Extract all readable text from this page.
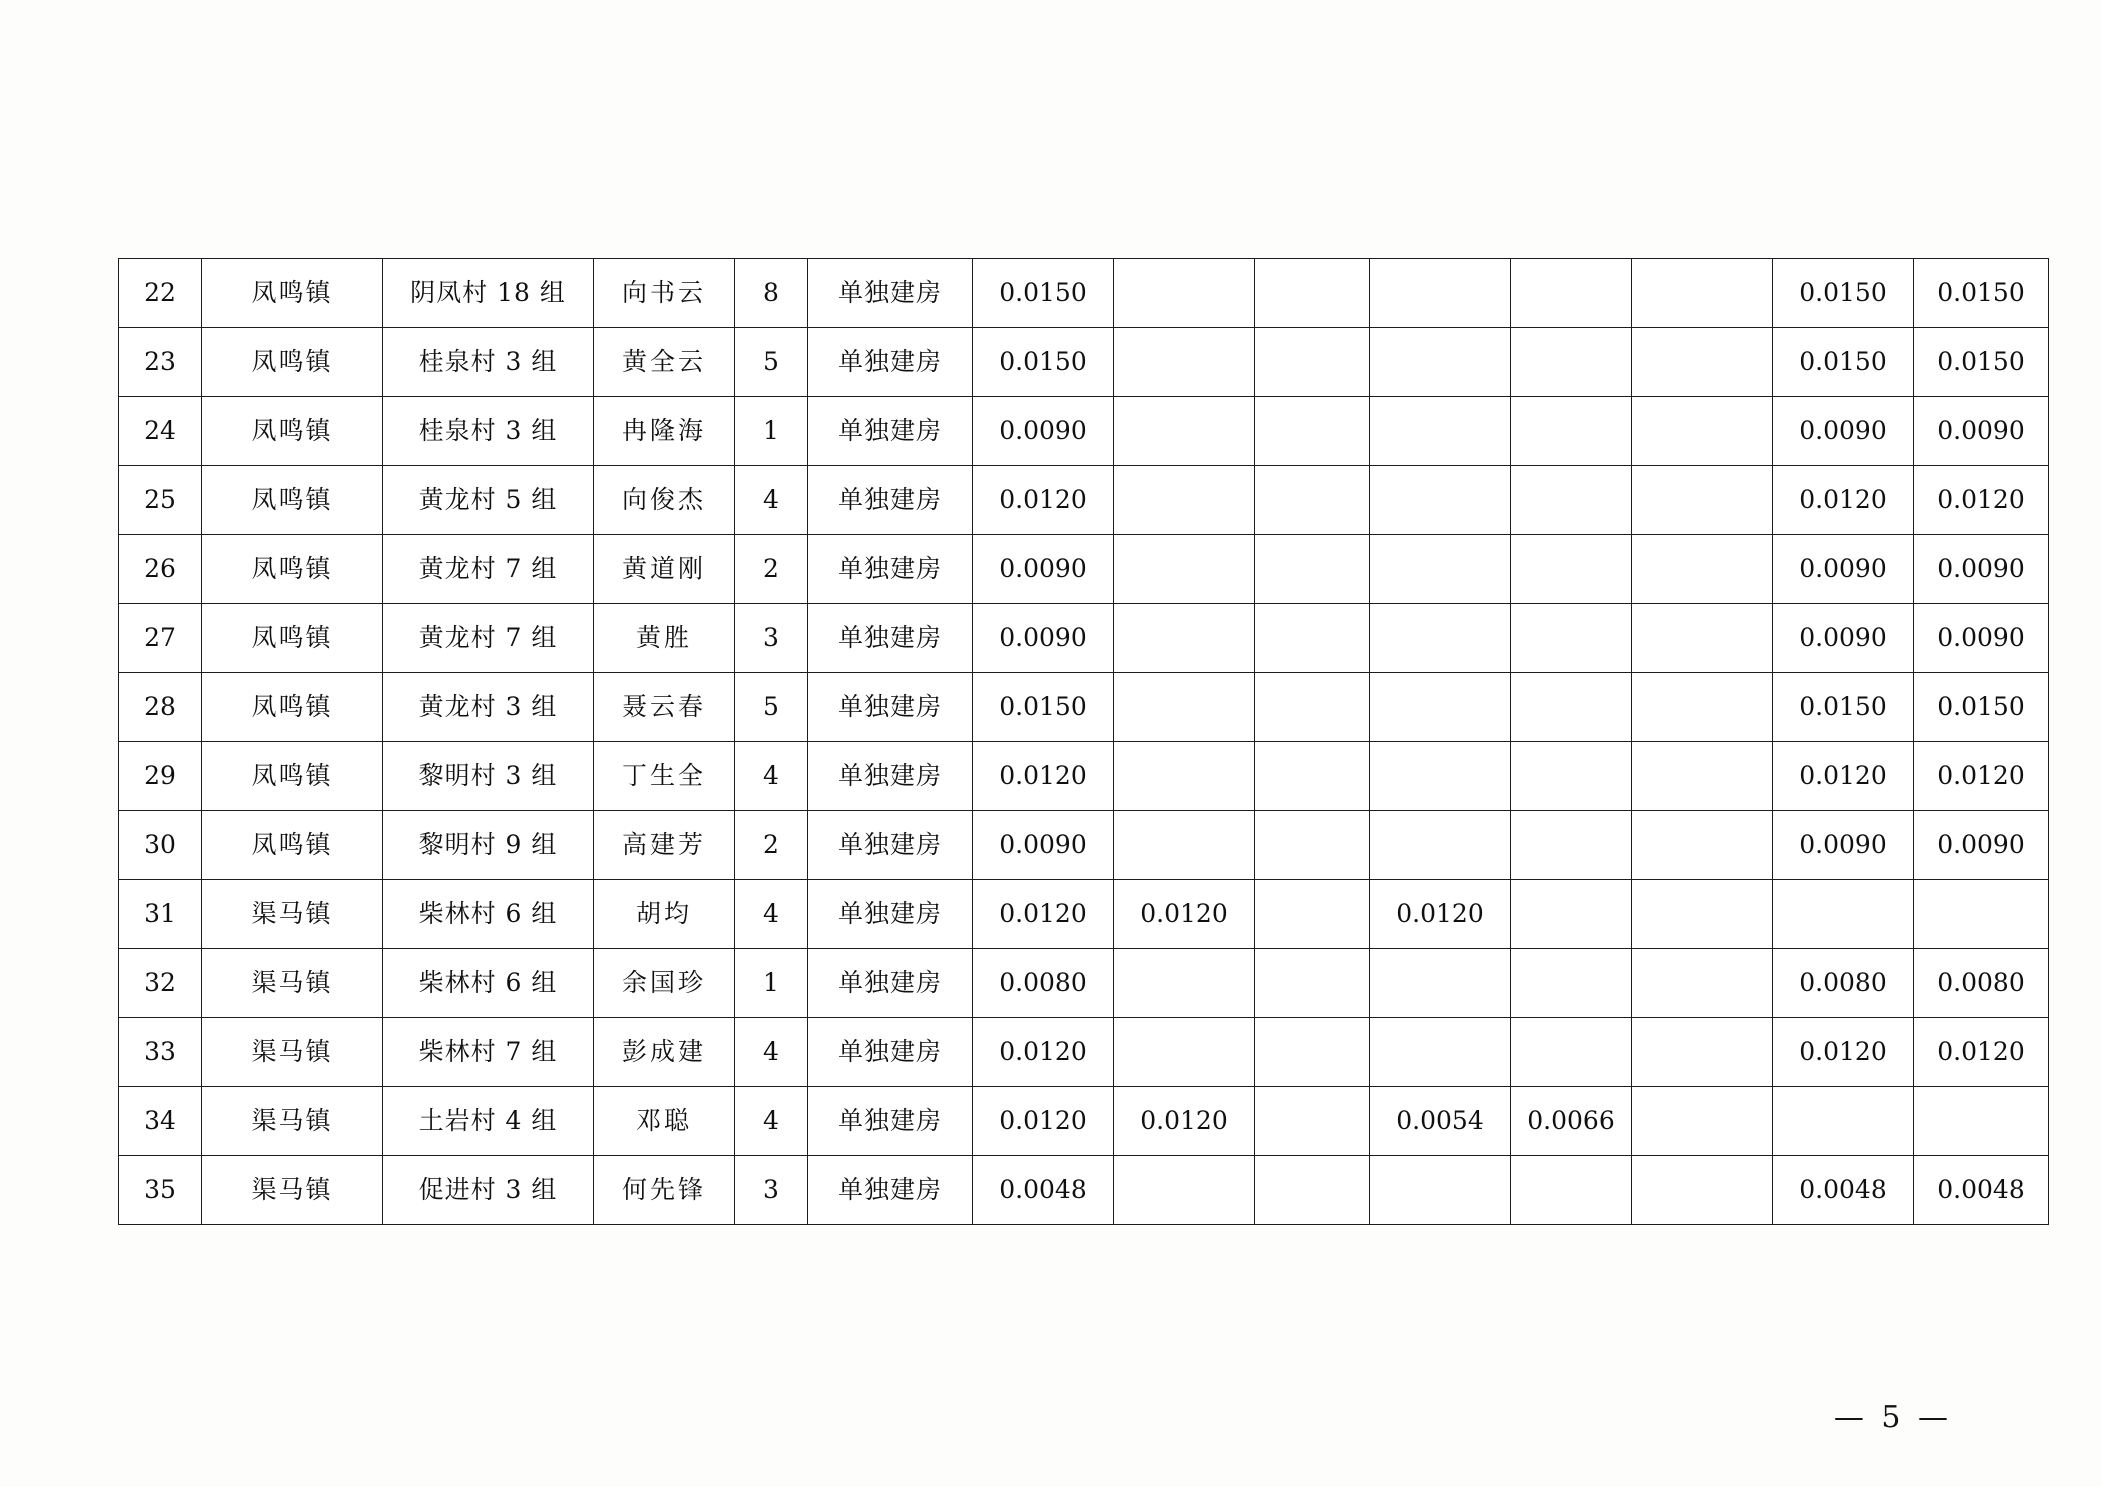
22	凤鸣镇	阴凤村 18 组	向书云	8	单独建房	0.0150						0.0150	0.0150
23	凤鸣镇	桂泉村 3 组	黄全云	5	单独建房	0.0150						0.0150	0.0150
24	凤鸣镇	桂泉村 3 组	冉隆海	1	单独建房	0.0090						0.0090	0.0090
25	凤鸣镇	黄龙村 5 组	向俊杰	4	单独建房	0.0120						0.0120	0.0120
26	凤鸣镇	黄龙村 7 组	黄道刚	2	单独建房	0.0090						0.0090	0.0090
27	凤鸣镇	黄龙村 7 组	黄胜	3	单独建房	0.0090						0.0090	0.0090
28	凤鸣镇	黄龙村 3 组	聂云春	5	单独建房	0.0150						0.0150	0.0150
29	凤鸣镇	黎明村 3 组	丁生全	4	单独建房	0.0120						0.0120	0.0120
30	凤鸣镇	黎明村 9 组	高建芳	2	单独建房	0.0090						0.0090	0.0090
31	渠马镇	柴林村 6 组	胡均	4	单独建房	0.0120	0.0120		0.0120				
32	渠马镇	柴林村 6 组	余国珍	1	单独建房	0.0080						0.0080	0.0080
33	渠马镇	柴林村 7 组	彭成建	4	单独建房	0.0120						0.0120	0.0120
34	渠马镇	土岩村 4 组	邓聪	4	单独建房	0.0120	0.0120		0.0054	0.0066			
35	渠马镇	促进村 3 组	何先锋	3	单独建房	0.0048						0.0048	0.0048
— 5 —
